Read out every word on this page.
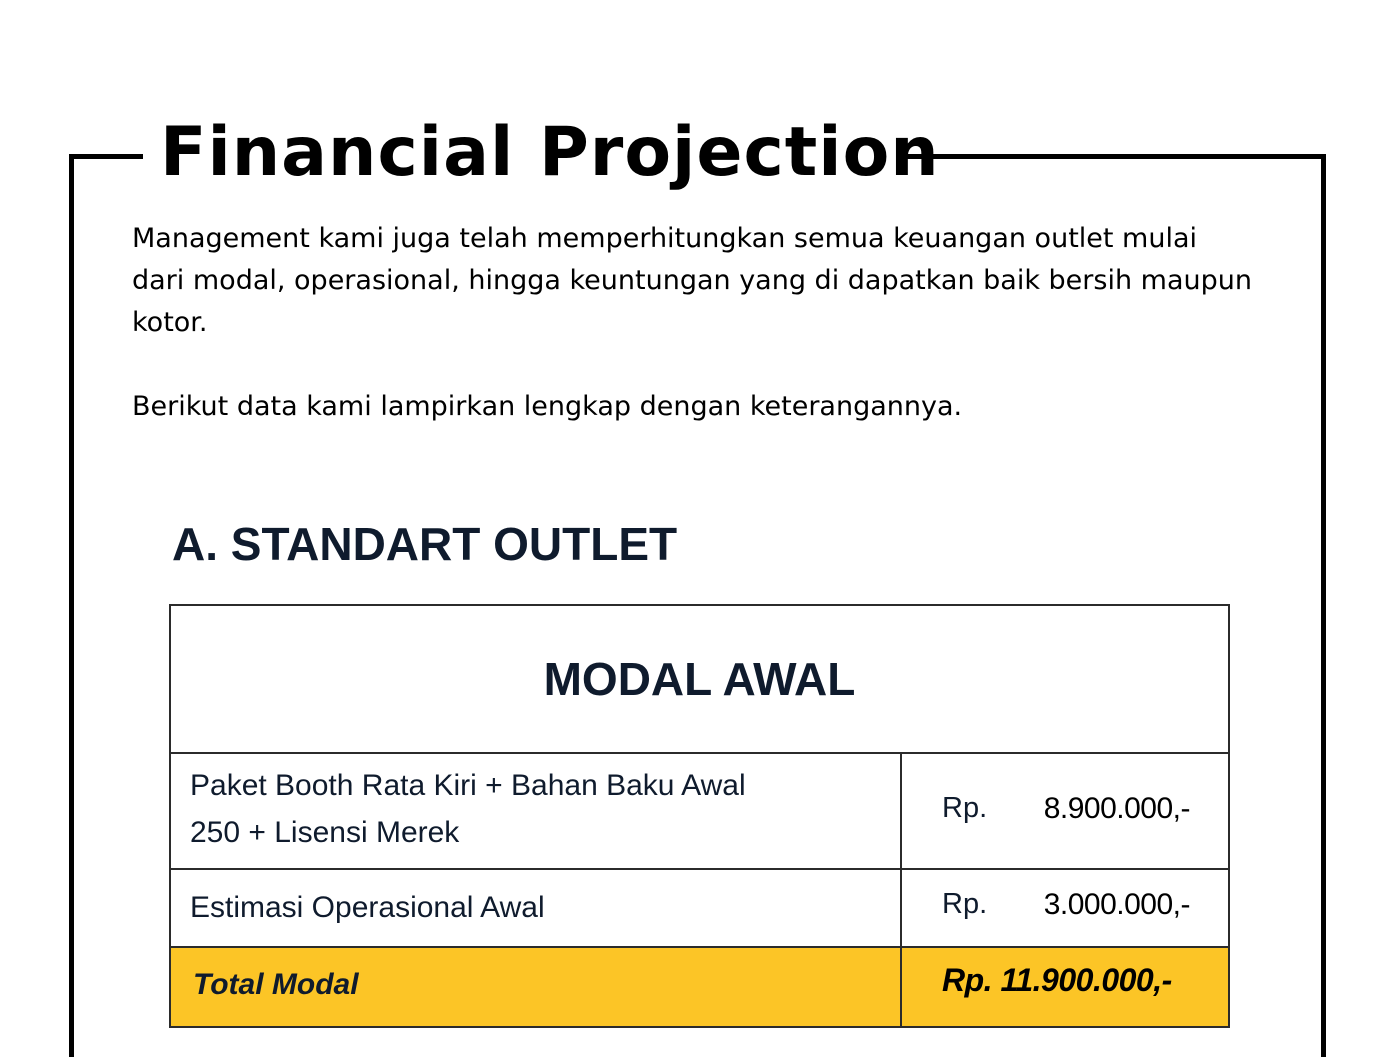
Financial Projection

Management kami juga telah memperhitungkan semua keuangan outlet mulai dari modal, operasional, hingga keuntungan yang di dapatkan baik bersih maupun kotor.

Berikut data kami lampirkan lengkap dengan keterangannya.

A. STANDART OUTLET
MODAL AWAL
Paket Booth Rata Kiri + Bahan Baku Awal
250 + Lisensi Merek
Rp. 8.900.000,-
Estimasi Operasional Awal	Rp. 3.000.000,-
Total Modal	Rp. 11.900.000,-
